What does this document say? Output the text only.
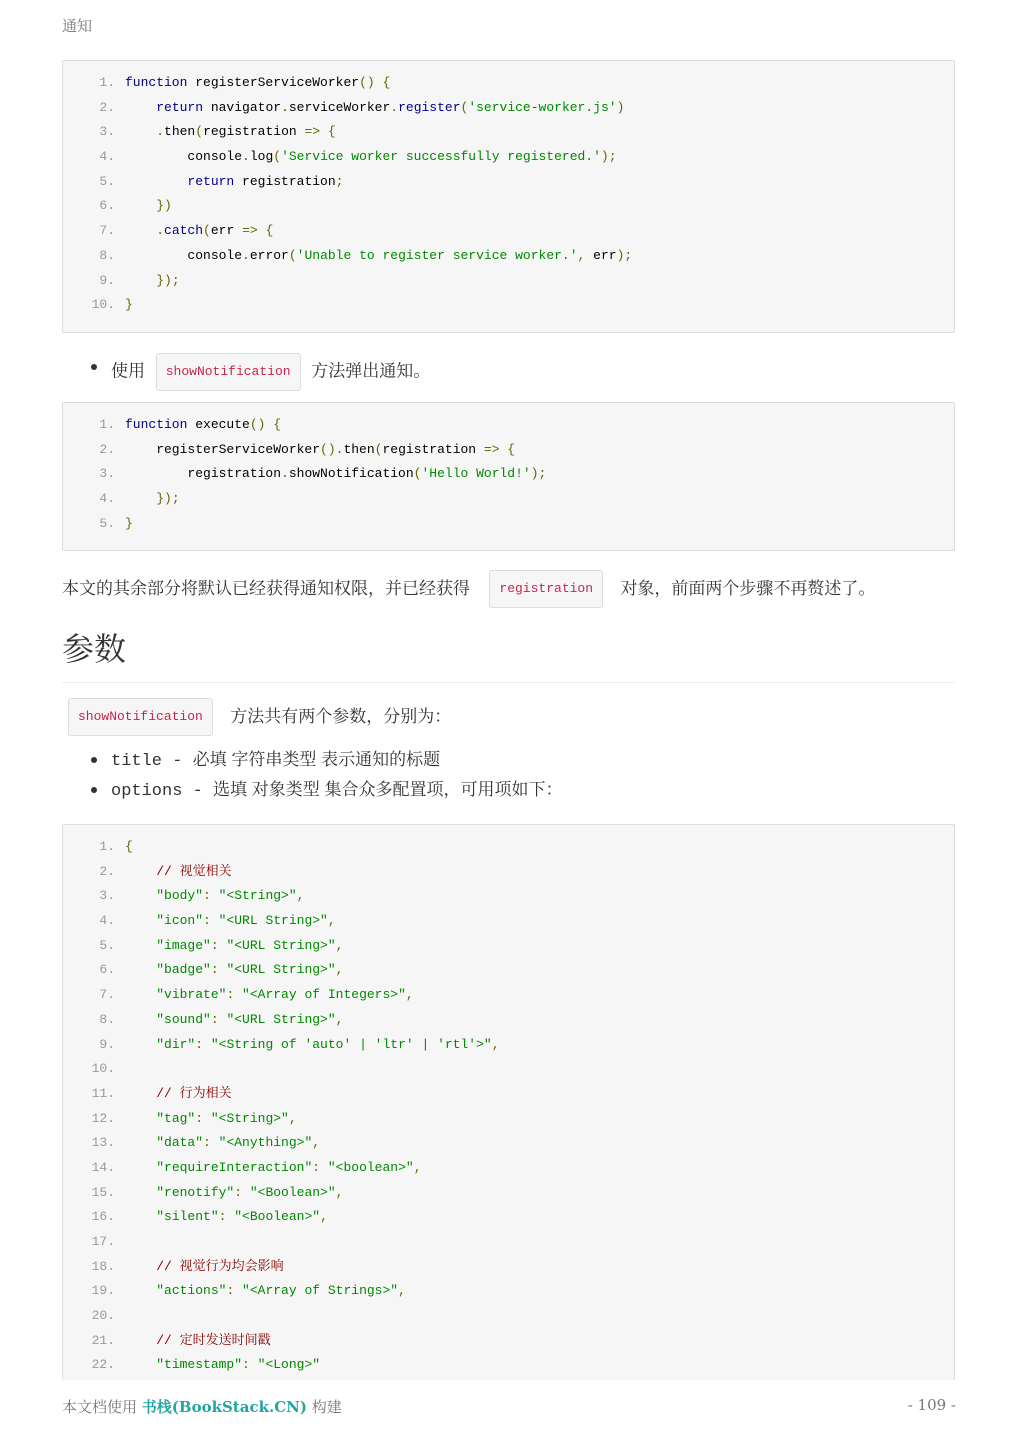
通知
1. function registerServiceWorker() {
2.	return navigator.serviceWorker.register('service-worker.js')
3.	.then(registration => {
4. console.log('Service worker successfully registered.');
5.	return registration;
6.	})
7.	.catch(err => {
8. console.error('Unable to register service worker.', err);
9.	});
10. }
使用 showNotification 方法弹出通知。
1. function execute() {
2. registerServiceWorker().then(registration => {
3. registration.showNotification('Hello World!');
4.	});
5. }
本文的其余部分将默认已经获得通知权限，并已经获得 registration 对象，前面两个步骤不再赘述了。
参数
showNotification 方法共有两个参数，分别为：
title - 必填 字符串类型 表示通知的标题
options - 选填 对象类型 集合众多配置项，可用项如下：
1. {
2.	// 视觉相关
3.	"body": "<String>",
4.	"icon": "<URL String>",
5.	"image": "<URL String>",
6.	"badge": "<URL String>",
7.	"vibrate": "<Array of Integers>",
8.	"sound": "<URL String>",
9.	"dir": "<String of 'auto' | 'ltr' | 'rtl'>",
10.
11.	// 行为相关
12.	"tag": "<String>",
13.	"data": "<Anything>",
14.	"requireInteraction": "<boolean>",
15.	"renotify": "<Boolean>",
16.	"silent": "<Boolean>",
17.
18.	// 视觉行为均会影响
19.	"actions": "<Array of Strings>",
20.
21.	// 定时发送时间戳
22.	"timestamp": "<Long>"
本文档使用 书栈(BookStack.CN) 构建	- 109 -
